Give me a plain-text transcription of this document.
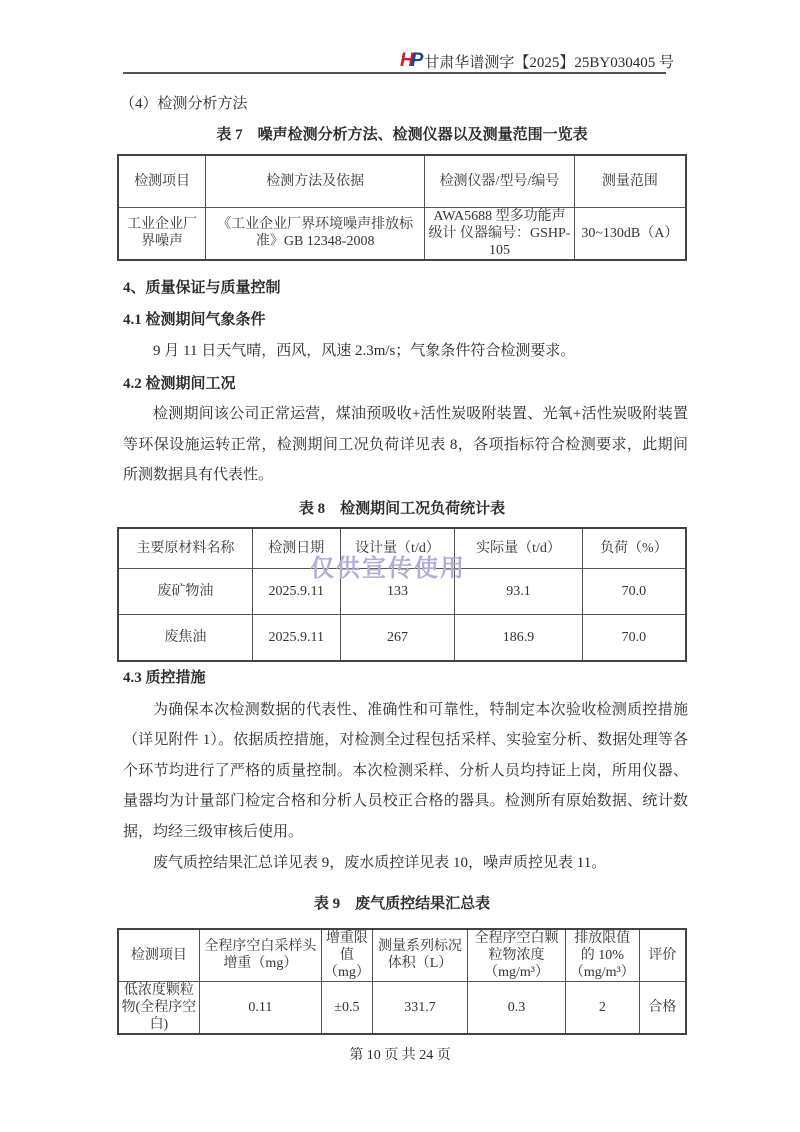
HP 甘肃华谱测字【2025】25BY030405 号
（4）检测分析方法
表 7　噪声检测分析方法、检测仪器以及测量范围一览表
检测项目	检测方法及依据	检测仪器/型号/编号	测量范围
工业企业厂界噪声	《工业企业厂界环境噪声排放标准》GB 12348-2008	AWA5688 型多功能声级计 仪器编号：GSHP-105	30~130dB（A）
4、质量保证与质量控制
4.1 检测期间气象条件
9 月 11 日天气晴，西风，风速 2.3m/s；气象条件符合检测要求。
4.2 检测期间工况
检测期间该公司正常运营，煤油预吸收+活性炭吸附装置、光氧+活性炭吸附装置等环保设施运转正常，检测期间工况负荷详见表 8，各项指标符合检测要求，此期间所测数据具有代表性。
表 8　检测期间工况负荷统计表
主要原材料名称	检测日期	设计量（t/d）	实际量（t/d）	负荷（%）
废矿物油	2025.9.11	133	93.1	70.0
废焦油	2025.9.11	267	186.9	70.0
仅供宣传使用
4.3 质控措施
为确保本次检测数据的代表性、准确性和可靠性，特制定本次验收检测质控措施（详见附件 1）。依据质控措施，对检测全过程包括采样、实验室分析、数据处理等各个环节均进行了严格的质量控制。本次检测采样、分析人员均持证上岗，所用仪器、量器均为计量部门检定合格和分析人员校正合格的器具。检测所有原始数据、统计数据，均经三级审核后使用。
废气质控结果汇总详见表 9，废水质控详见表 10，噪声质控见表 11。
表 9　废气质控结果汇总表
检测项目	全程序空白采样头增重（mg）	增重限值（mg）	测量系列标况体积（L）	全程序空白颗粒物浓度（mg/m³）	排放限值的 10%（mg/m³）	评价
低浓度颗粒物(全程序空白)	0.11	±0.5	331.7	0.3	2	合格
第 10 页 共 24 页
